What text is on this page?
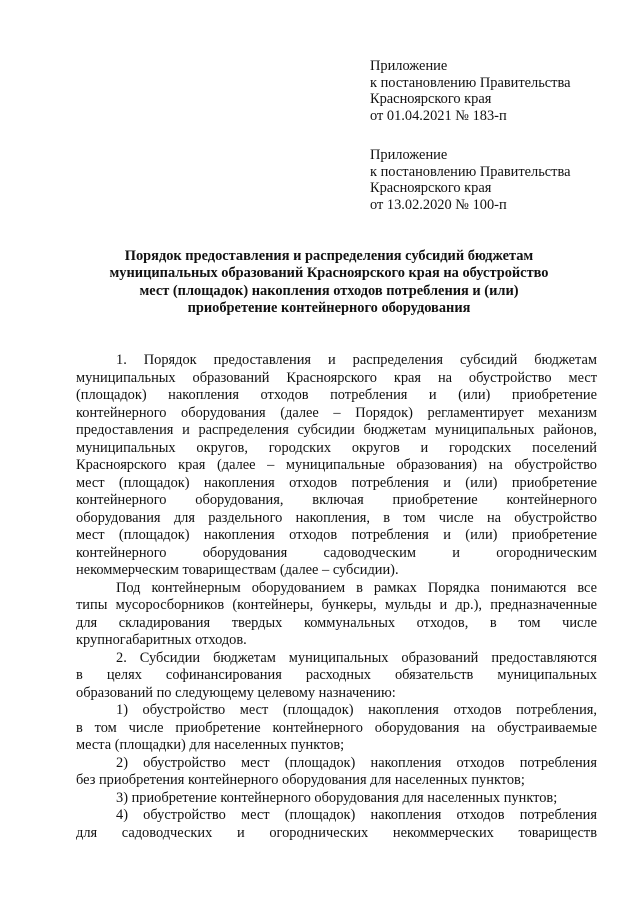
Приложение
к постановлению Правительства
Красноярского края
от 01.04.2021 № 183-п
Приложение
к постановлению Правительства
Красноярского края
от 13.02.2020 № 100-п
Порядок предоставления и распределения субсидий бюджетам
муниципальных образований Красноярского края на обустройство
мест (площадок) накопления отходов потребления и (или)
приобретение контейнерного оборудования
1. Порядок предоставления и распределения субсидий бюджетам
муниципальных образований Красноярского края на обустройство мест
(площадок) накопления отходов потребления и (или) приобретение
контейнерного оборудования (далее – Порядок) регламентирует механизм
предоставления и распределения субсидии бюджетам муниципальных районов,
муниципальных округов, городских округов и городских поселений
Красноярского края (далее – муниципальные образования) на обустройство
мест (площадок) накопления отходов потребления и (или) приобретение
контейнерного оборудования, включая приобретение контейнерного
оборудования для раздельного накопления, в том числе на обустройство
мест (площадок) накопления отходов потребления и (или) приобретение
контейнерного оборудования садоводческим и огородническим
некоммерческим товариществам (далее – субсидии).
Под контейнерным оборудованием в рамках Порядка понимаются все
типы мусоросборников (контейнеры, бункеры, мульды и др.), предназначенные
для складирования твердых коммунальных отходов, в том числе
крупногабаритных отходов.
2. Субсидии бюджетам муниципальных образований предоставляются
в целях софинансирования расходных обязательств муниципальных
образований по следующему целевому назначению:
1) обустройство мест (площадок) накопления отходов потребления,
в том числе приобретение контейнерного оборудования на обустраиваемые
места (площадки) для населенных пунктов;
2) обустройство мест (площадок) накопления отходов потребления
без приобретения контейнерного оборудования для населенных пунктов;
3) приобретение контейнерного оборудования для населенных пунктов;
4) обустройство мест (площадок) накопления отходов потребления
для садоводческих и огороднических некоммерческих товариществ
